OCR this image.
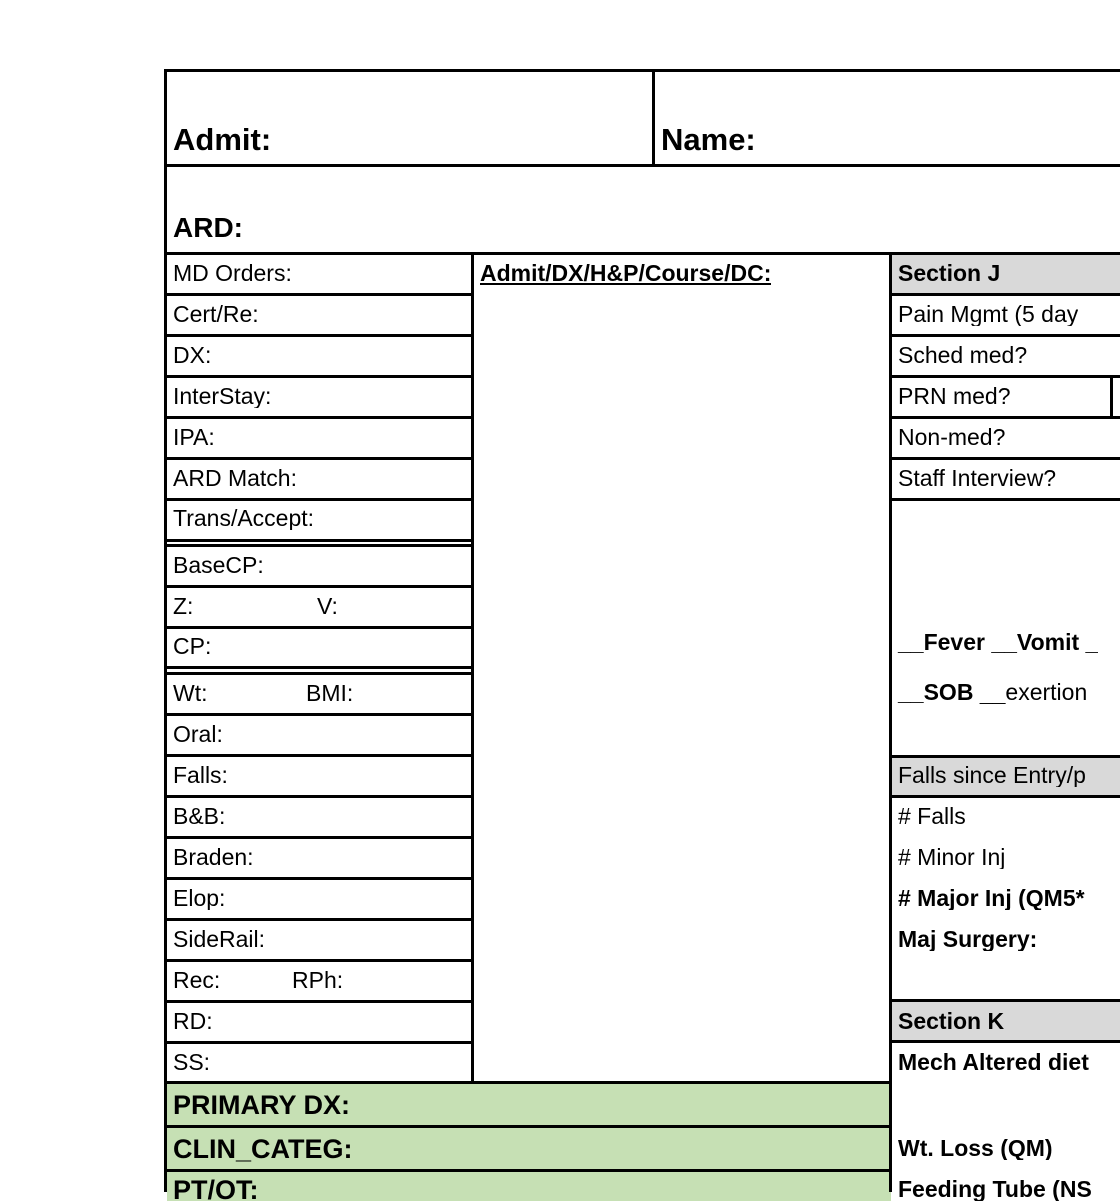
Admit:	Name:
ARD:
MD Orders:
Cert/Re:
DX:
InterStay:
IPA:
ARD Match:
Trans/Accept:
BaseCP:
Z:	V:
CP:
Wt:	BMI:
Oral:
Falls:
B&B:
Braden:
Elop:
SideRail:
Rec:	RPh:
RD:
SS:
Admit/DX/H&P/Course/DC:	Section J
Pain Mgmt (5 day
Sched med?
PRN med?
Non-med?
Staff Interview?
__Fever __Vomit _
__SOB __exertion
Falls since Entry/p
# Falls
# Minor Inj
# Major Inj (QM5*
Maj Surgery:
Section K
Mech Altered diet
Wt. Loss (QM)
Feeding Tube (NS
PRIMARY DX:
CLIN_CATEG:
PT/OT:
